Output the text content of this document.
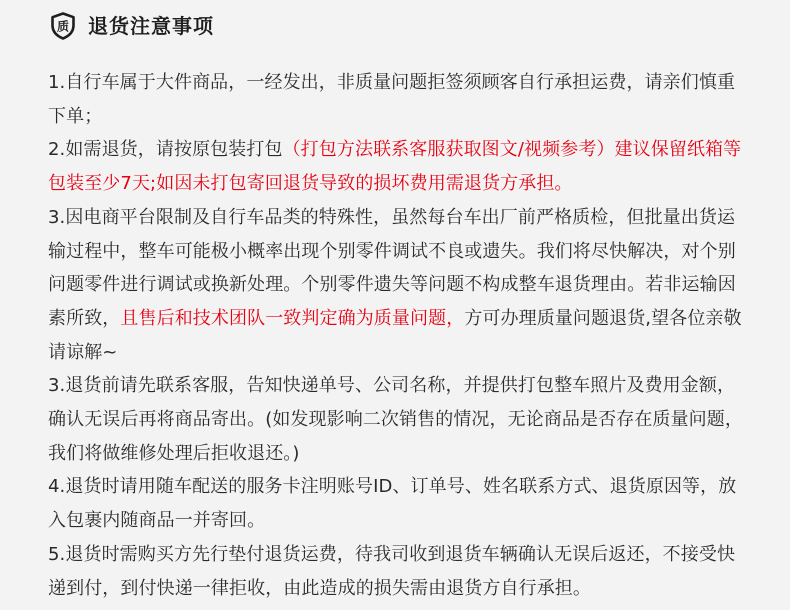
质 退货注意事项

1.自行车属于大件商品，一经发出，非质量问题拒签须顾客自行承担运费，请亲们慎重下单；

2.如需退货，请按原包装打包（打包方法联系客服获取图文/视频参考）建议保留纸箱等包装至少7天;如因未打包寄回退货导致的损坏费用需退货方承担。

3.因电商平台限制及自行车品类的特殊性，虽然每台车出厂前严格质检，但批量出货运输过程中，整车可能极小概率出现个别零件调试不良或遗失。我们将尽快解决，对个别问题零件进行调试或换新处理。个别零件遗失等问题不构成整车退货理由。若非运输因素所致，且售后和技术团队一致判定确为质量问题，方可办理质量问题退货,望各位亲敬请谅解~

3.退货前请先联系客服，告知快递单号、公司名称，并提供打包整车照片及费用金额，确认无误后再将商品寄出。(如发现影响二次销售的情况，无论商品是否存在质量问题，我们将做维修处理后拒收退还。)

4.退货时请用随车配送的服务卡注明账号ID、订单号、姓名联系方式、退货原因等，放入包裹内随商品一并寄回。

5.退货时需购买方先行垫付退货运费，待我司收到退货车辆确认无误后返还，不接受快递到付，到付快递一律拒收，由此造成的损失需由退货方自行承担。
